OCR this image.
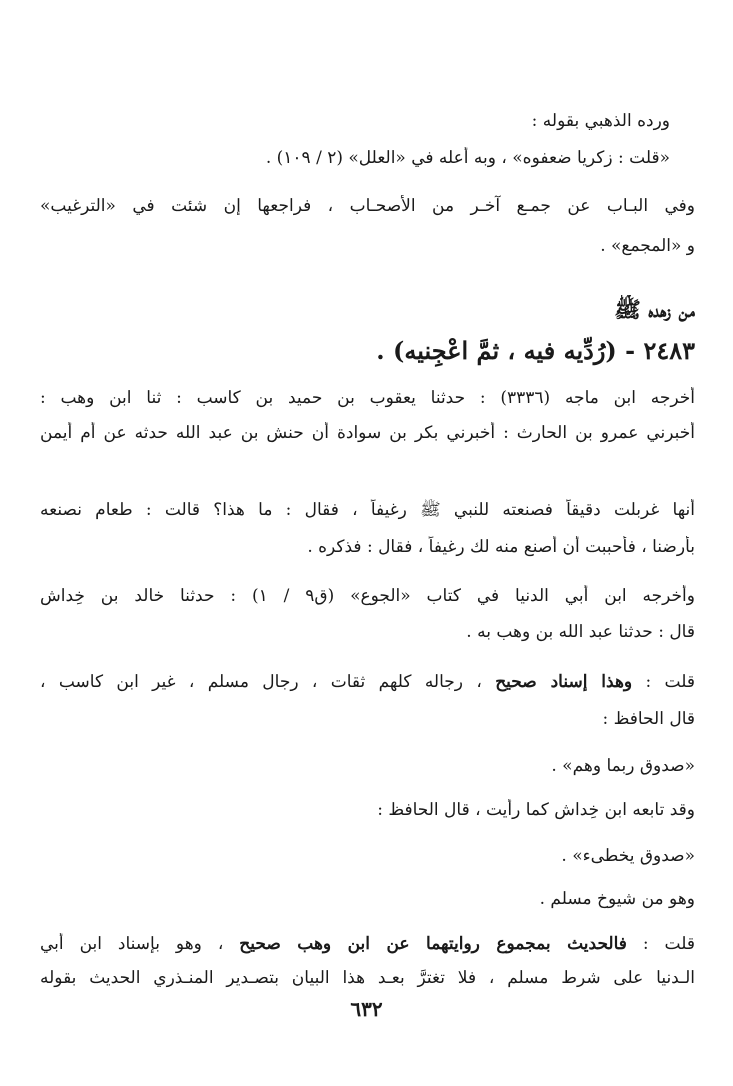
ورده الذهبي بقوله :

«قلت : زكريا ضعفوه» ، وبه أعله في «العلل» (٢ / ١٠٩) .

وفي البـاب عن جمـع آخـر من الأصحـاب ، فراجعها إن شئت في «الترغيب»

و «المجمع» .

من زهده ﷺ

٢٤٨٣ - (رُدِّيه فيه ، ثمَّ اعْجِنيه) .

أخرجه ابن ماجه (٣٣٣٦) : حدثنا يعقوب بن حميد بن كاسب : ثنا ابن وهب :

أخبرني عمرو بن الحارث : أخبرني بكر بن سوادة أن حنش بن عبد الله حدثه عن أم أيمن

أنها غربلت دقيقاً فصنعته للنبي ﷺ رغيفاً ، فقال : ما هذا؟ قالت : طعام نصنعه

بأرضنا ، فأحببت أن أصنع منه لك رغيفاً ، فقال : فذكره .

وأخرجه ابن أبي الدنيا في كتاب «الجوع» (ق٩ / ١) : حدثنا خالد بن خِداش

قال : حدثنا عبد الله بن وهب به .

قلت : وهذا إسناد صحيح ، رجاله كلهم ثقات ، رجال مسلم ، غير ابن كاسب ،

قال الحافظ :

«صدوق ربما وهم» .

وقد تابعه ابن خِداش كما رأيت ، قال الحافظ :

«صدوق يخطىء» .

وهو من شيوخ مسلم .

قلت : فالحديث بمجموع روايتهما عن ابن وهب صحيح ، وهو بإسناد ابن أبي

الـدنيا على شرط مسلم ، فلا تغترَّ بعـد هذا البيان بتصـدير المنـذري الحديث بقوله

٦٣٢
